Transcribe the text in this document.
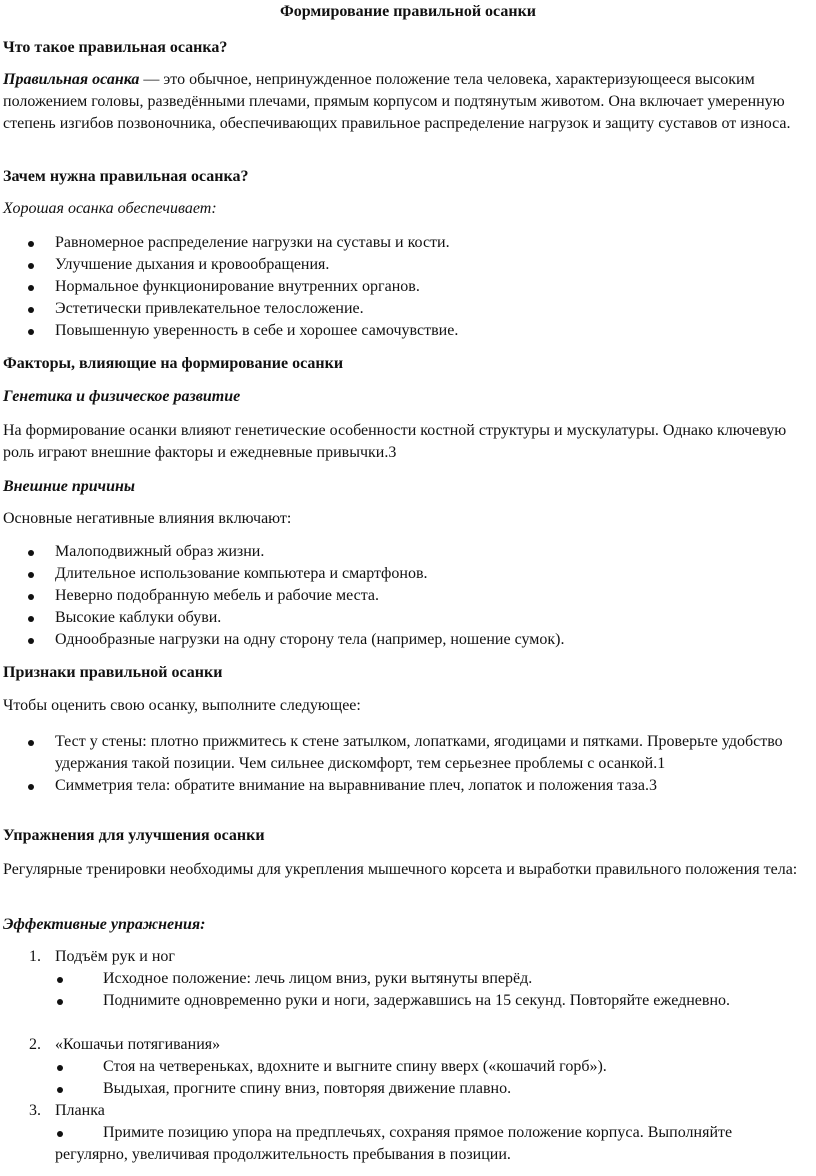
Формирование правильной осанки

Что такое правильная осанка?

Правильная осанка — это обычное, непринужденное положение тела человека, характеризующееся высоким положением головы, разведёнными плечами, прямым корпусом и подтянутым животом. Она включает умеренную степень изгибов позвоночника, обеспечивающих правильное распределение нагрузок и защиту суставов от износа.

Зачем нужна правильная осанка?

Хорошая осанка обеспечивает:

Равномерное распределение нагрузки на суставы и кости.
Улучшение дыхания и кровообращения.
Нормальное функционирование внутренних органов.
Эстетически привлекательное телосложение.
Повышенную уверенность в себе и хорошее самочувствие.

Факторы, влияющие на формирование осанки

Генетика и физическое развитие

На формирование осанки влияют генетические особенности костной структуры и мускулатуры. Однако ключевую роль играют внешние факторы и ежедневные привычки.3

Внешние причины

Основные негативные влияния включают:

Малоподвижный образ жизни.
Длительное использование компьютера и смартфонов.
Неверно подобранную мебель и рабочие места.
Высокие каблуки обуви.
Однообразные нагрузки на одну сторону тела (например, ношение сумок).

Признаки правильной осанки

Чтобы оценить свою осанку, выполните следующее:

Тест у стены: плотно прижмитесь к стене затылком, лопатками, ягодицами и пятками. Проверьте удобство удержания такой позиции. Чем сильнее дискомфорт, тем серьезнее проблемы с осанкой.1
Симметрия тела: обратите внимание на выравнивание плеч, лопаток и положения таза.3

Упражнения для улучшения осанки

Регулярные тренировки необходимы для укрепления мышечного корсета и выработки правильного положения тела:

Эффективные упражнения:

1. Подъём рук и ног

Исходное положение: лечь лицом вниз, руки вытянуты вперёд.

Поднимите одновременно руки и ноги, задержавшись на 15 секунд. Повторяйте ежедневно.

2. «Кошачьи потягивания»

Стоя на четвереньках, вдохните и выгните спину вверх («кошачий горб»).

Выдыхая, прогните спину вниз, повторяя движение плавно.

3. Планка

Примите позицию упора на предплечьях, сохраняя прямое положение корпуса. Выполняйте регулярно, увеличивая продолжительность пребывания в позиции.
